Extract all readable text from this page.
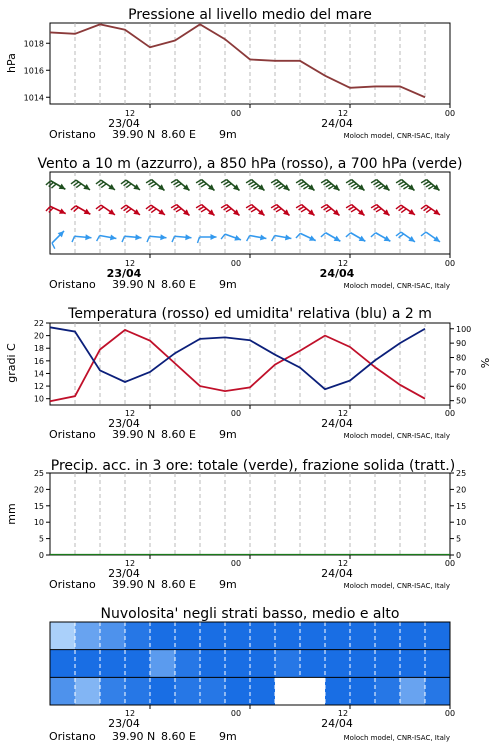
Pressione al livello medio del mare
hPa
1014
1016
1018
12	00	12	00
23/04	24/04
Oristano 39.90 N 8.60 E 9m	Moloch model, CNR-ISAC, Italy
Vento a 10 m (azzurro), a 850 hPa (rosso), a 700 hPa (verde)
12	00	12	00
23/04	24/04
Oristano 39.90 N 8.60 E 9m	Moloch model, CNR-ISAC, Italy
Temperatura (rosso) ed umidita' relativa (blu) a 2 m
gradi C	%
10
12
14
16
18
20
22
50
60
70
80
90
100
12	00	12	00
23/04	24/04
Oristano 39.90 N 8.60 E 9m	Moloch model, CNR-ISAC, Italy
Precip. acc. in 3 ore: totale (verde), frazione solida (tratt.)
mm
0
5
10
15
20
25
0
5
10
15
20
25
12	00	12	00
23/04	24/04
Oristano 39.90 N 8.60 E 9m	Moloch model, CNR-ISAC, Italy
Nuvolosita' negli strati basso, medio e alto
12	00	12	00
23/04	24/04
Oristano 39.90 N 8.60 E 9m	Moloch model, CNR-ISAC, Italy
